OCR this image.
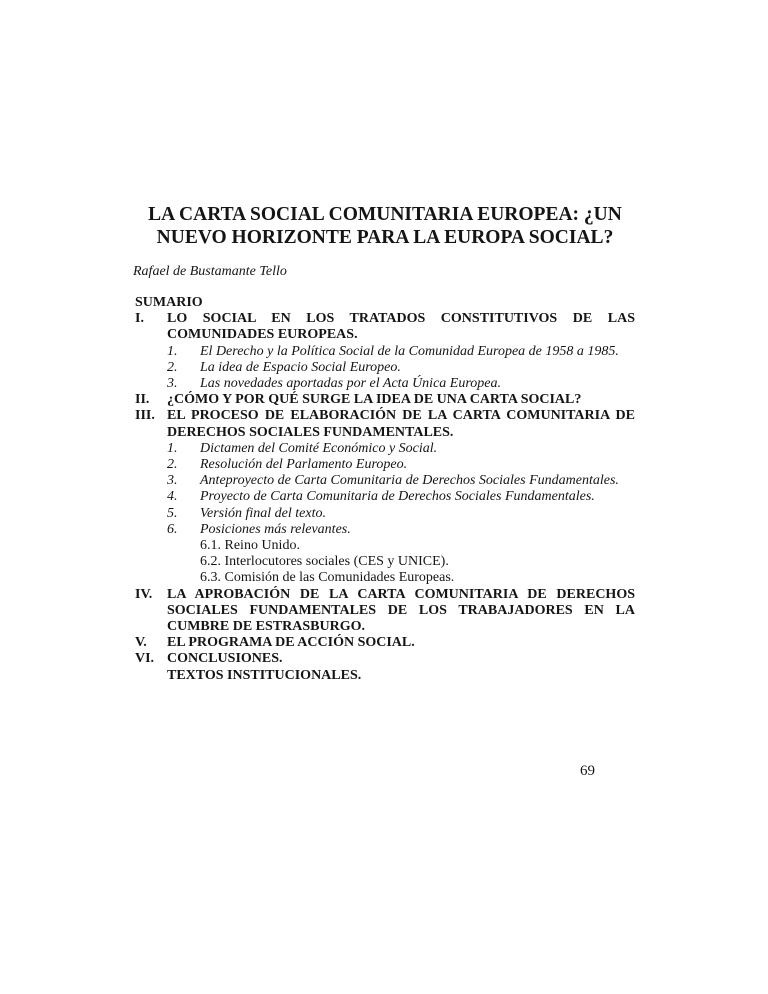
LA CARTA SOCIAL COMUNITARIA EUROPEA: ¿UN NUEVO HORIZONTE PARA LA EUROPA SOCIAL?
Rafael de Bustamante Tello
SUMARIO
I. LO SOCIAL EN LOS TRATADOS CONSTITUTIVOS DE LAS COMUNIDADES EUROPEAS.
1. El Derecho y la Política Social de la Comunidad Europea de 1958 a 1985.
2. La idea de Espacio Social Europeo.
3. Las novedades aportadas por el Acta Única Europea.
II. ¿CÓMO Y POR QUÉ SURGE LA IDEA DE UNA CARTA SOCIAL?
III. EL PROCESO DE ELABORACIÓN DE LA CARTA COMUNITARIA DE DERECHOS SOCIALES FUNDAMENTALES.
1. Dictamen del Comité Económico y Social.
2. Resolución del Parlamento Europeo.
3. Anteproyecto de Carta Comunitaria de Derechos Sociales Fundamentales.
4. Proyecto de Carta Comunitaria de Derechos Sociales Fundamentales.
5. Versión final del texto.
6. Posiciones más relevantes.
6.1. Reino Unido.
6.2. Interlocutores sociales (CES y UNICE).
6.3. Comisión de las Comunidades Europeas.
IV. LA APROBACIÓN DE LA CARTA COMUNITARIA DE DERECHOS SOCIALES FUNDAMENTALES DE LOS TRABAJADORES EN LA CUMBRE DE ESTRASBURGO.
V. EL PROGRAMA DE ACCIÓN SOCIAL.
VI. CONCLUSIONES.
TEXTOS INSTITUCIONALES.
69
